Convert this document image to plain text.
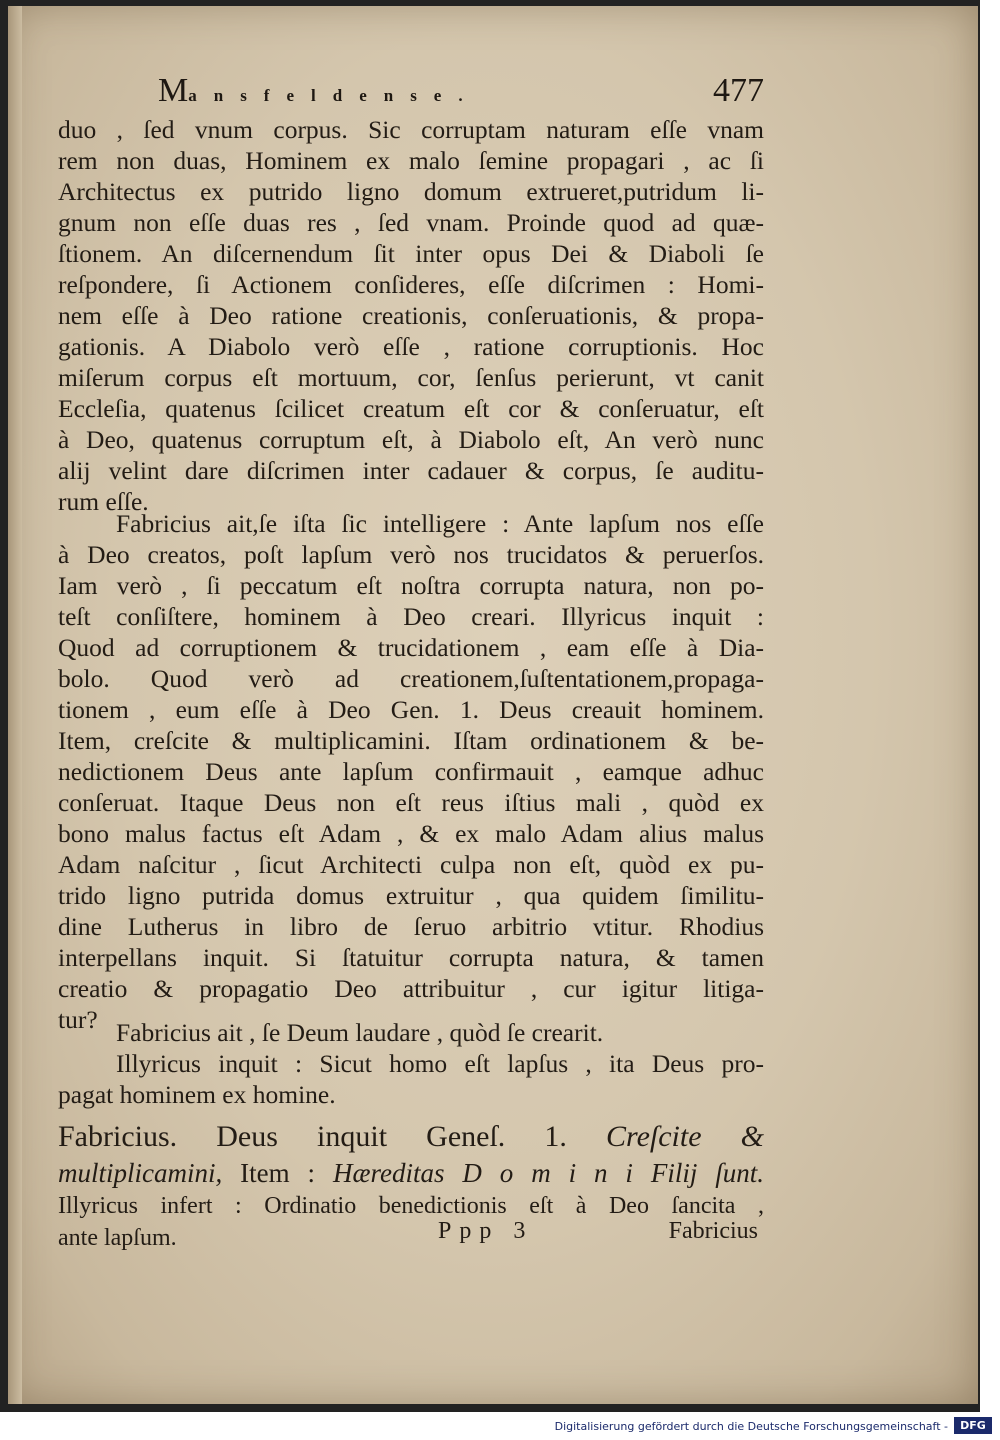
Mansfeldense.	477
duo , ſed vnum corpus. Sic corruptam naturam eſſe vnam
rem non duas, Hominem ex malo ſemine propagari , ac ſi
Architectus ex putrido ligno domum extrueret,putridum li-
gnum non eſſe duas res , ſed vnam. Proinde quod ad quæ-
ſtionem. An diſcernendum ſit inter opus Dei & Diaboli ſe
reſpondere, ſi Actionem conſideres, eſſe diſcrimen : Homi-
nem eſſe à Deo ratione creationis, conſeruationis, & propa-
gationis. A Diabolo verò eſſe , ratione corruptionis. Hoc
miſerum corpus eſt mortuum, cor, ſenſus perierunt, vt canit
Eccleſia, quatenus ſcilicet creatum eſt cor & conſeruatur, eſt
à Deo, quatenus corruptum eſt, à Diabolo eſt, An verò nunc
alij velint dare diſcrimen inter cadauer & corpus, ſe auditu-
rum eſſe.
Fabricius ait,ſe iſta ſic intelligere : Ante lapſum nos eſſe
à Deo creatos, poſt lapſum verò nos trucidatos & peruerſos.
Iam verò , ſi peccatum eſt noſtra corrupta natura, non po-
teſt conſiſtere, hominem à Deo creari. Illyricus inquit :
Quod ad corruptionem & trucidationem , eam eſſe à Dia-
bolo. Quod verò ad creationem,ſuſtentationem,propaga-
tionem , eum eſſe à Deo Gen. 1. Deus creauit hominem.
Item, creſcite & multiplicamini. Iſtam ordinationem & be-
nedictionem Deus ante lapſum confirmauit , eamque adhuc
conſeruat. Itaque Deus non eſt reus iſtius mali , quòd ex
bono malus factus eſt Adam , & ex malo Adam alius malus
Adam naſcitur , ſicut Architecti culpa non eſt, quòd ex pu-
trido ligno putrida domus extruitur , qua quidem ſimilitu-
dine Lutherus in libro de ſeruo arbitrio vtitur. Rhodius
interpellans inquit. Si ſtatuitur corrupta natura, & tamen
creatio & propagatio Deo attribuitur , cur igitur litiga-
tur? Fabricius ait , ſe Deum laudare , quòd ſe crearit.
Illyricus inquit : Sicut homo eſt lapſus , ita Deus pro-
pagat hominem ex homine.
Fabricius. Deus inquit Geneſ. 1. Creſcite &
multiplicamini, Item : Hæreditas D o m i n i Filij ſunt.
Illyricus infert : Ordinatio benedictionis eſt à Deo ſancita ,
ante lapſum.	Ppp 3	Fabricius
Digitalisierung gefördert durch die Deutsche Forschungsgemeinschaft -	DFG
